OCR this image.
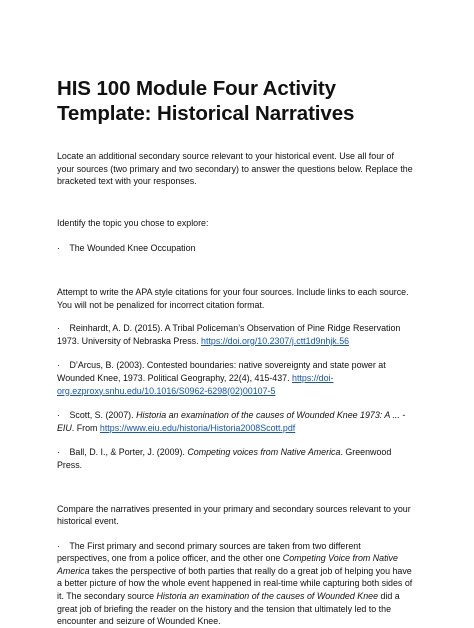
HIS 100 Module Four Activity Template: Historical Narratives

Locate an additional secondary source relevant to your historical event. Use all four of your sources (two primary and two secondary) to answer the questions below. Replace the bracketed text with your responses.

Identify the topic you chose to explore:

· The Wounded Knee Occupation

Attempt to write the APA style citations for your four sources. Include links to each source. You will not be penalized for incorrect citation format.

· Reinhardt, A. D. (2015). A Tribal Policeman’s Observation of Pine Ridge Reservation 1973. University of Nebraska Press. https://doi.org/10.2307/j.ctt1d9nhjk.56

· D’Arcus, B. (2003). Contested boundaries: native sovereignty and state power at Wounded Knee, 1973. Political Geography, 22(4), 415-437. https://doi-org.ezproxy.snhu.edu/10.1016/S0962-6298(02)00107-5

· Scott, S. (2007). Historia an examination of the causes of Wounded Knee 1973: A ... - EIU. From https://www.eiu.edu/historia/Historia2008Scott.pdf

· Ball, D. I., & Porter, J. (2009). Competing voices from Native America. Greenwood Press.

Compare the narratives presented in your primary and secondary sources relevant to your historical event.

· The First primary and second primary sources are taken from two different perspectives, one from a police officer, and the other one Competing Voice from Native America takes the perspective of both parties that really do a great job of helping you have a better picture of how the whole event happened in real-time while capturing both sides of it. The secondary source Historia an examination of the causes of Wounded Knee did a great job of briefing the reader on the history and the tension that ultimately led to the encounter and seizure of Wounded Knee.
